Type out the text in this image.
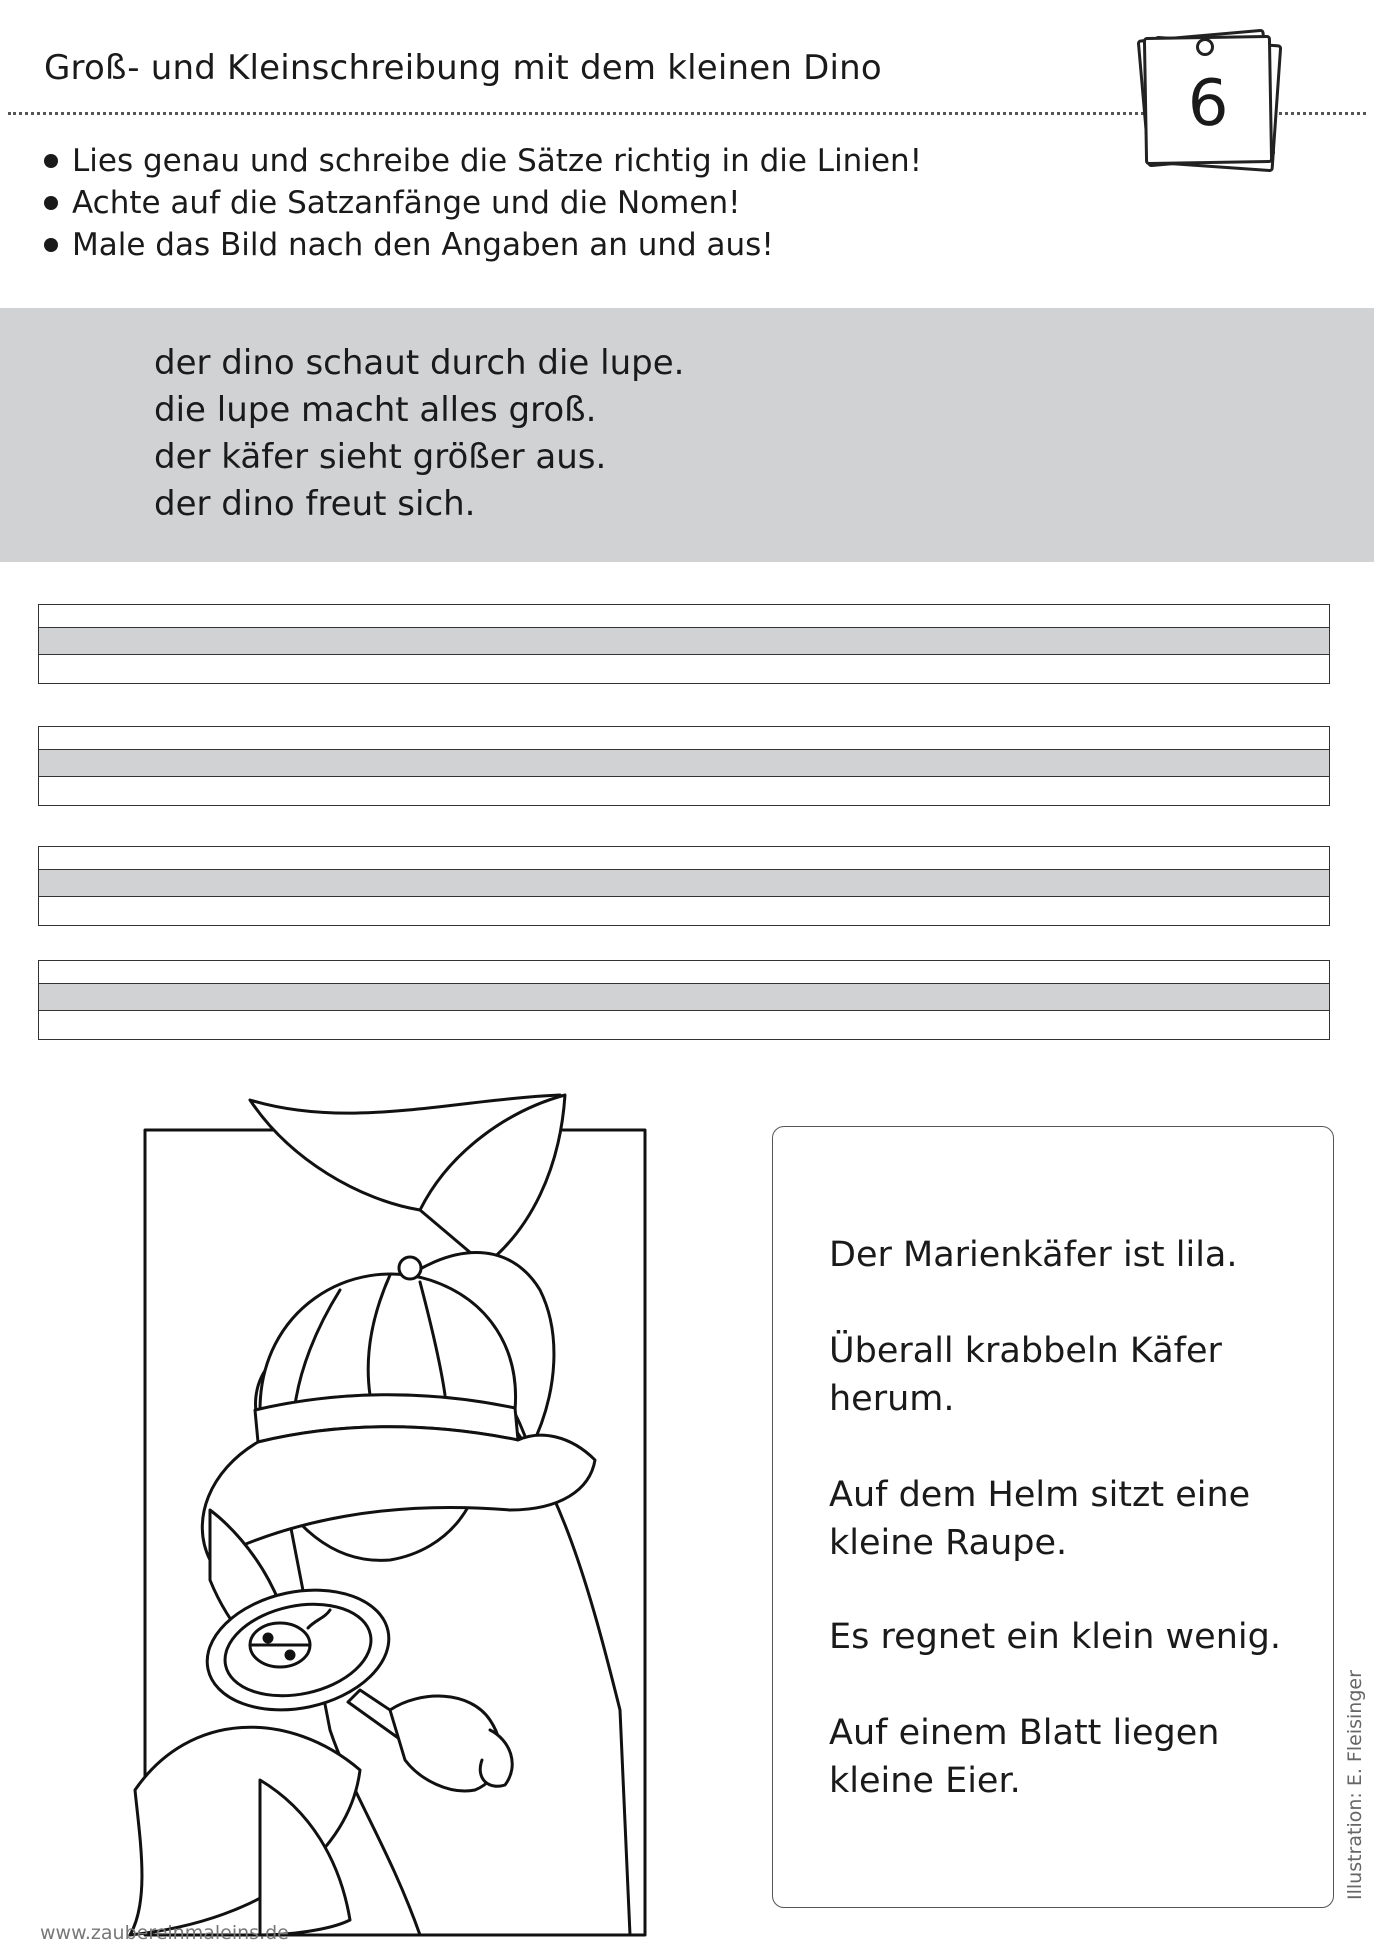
Groß- und Kleinschreibung mit dem kleinen Dino	6
Lies genau und schreibe die Sätze richtig in die Linien!
Achte auf die Satzanfänge und die Nomen!
Male das Bild nach den Angaben an und aus!
der dino schaut durch die lupe.
die lupe macht alles groß.
der käfer sieht größer aus.
der dino freut sich.
Der Marienkäfer ist lila.
Überall krabbeln Käfer herum.
Auf dem Helm sitzt eine kleine Raupe.
Es regnet ein klein wenig.
Auf einem Blatt liegen kleine Eier.	Illustration: E. Fleisinger
www.zaubereinmaleins.de
